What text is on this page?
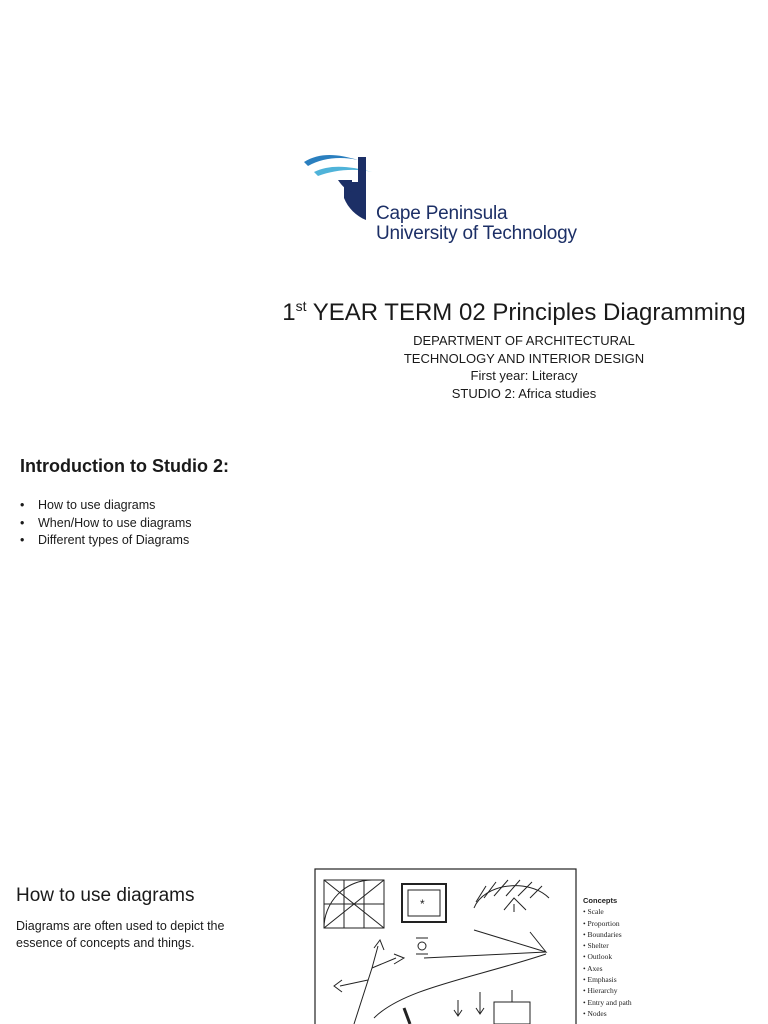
Cape Peninsula
University of Technology
1st YEAR TERM 02 Principles Diagramming
DEPARTMENT OF ARCHITECTURAL
TECHNOLOGY AND INTERIOR DESIGN
First year: Literacy
STUDIO 2: Africa studies
Introduction to Studio 2:
• How to use diagrams
• When/How to use diagrams
• Different types of Diagrams
How to use diagrams
Diagrams are often used to depict the essence of concepts and things.
*	Concepts
• Scale
• Proportion
• Boundaries
• Shelter
• Outlook
• Axes
• Emphasis
• Hierarchy
• Entry and path
• Nodes
